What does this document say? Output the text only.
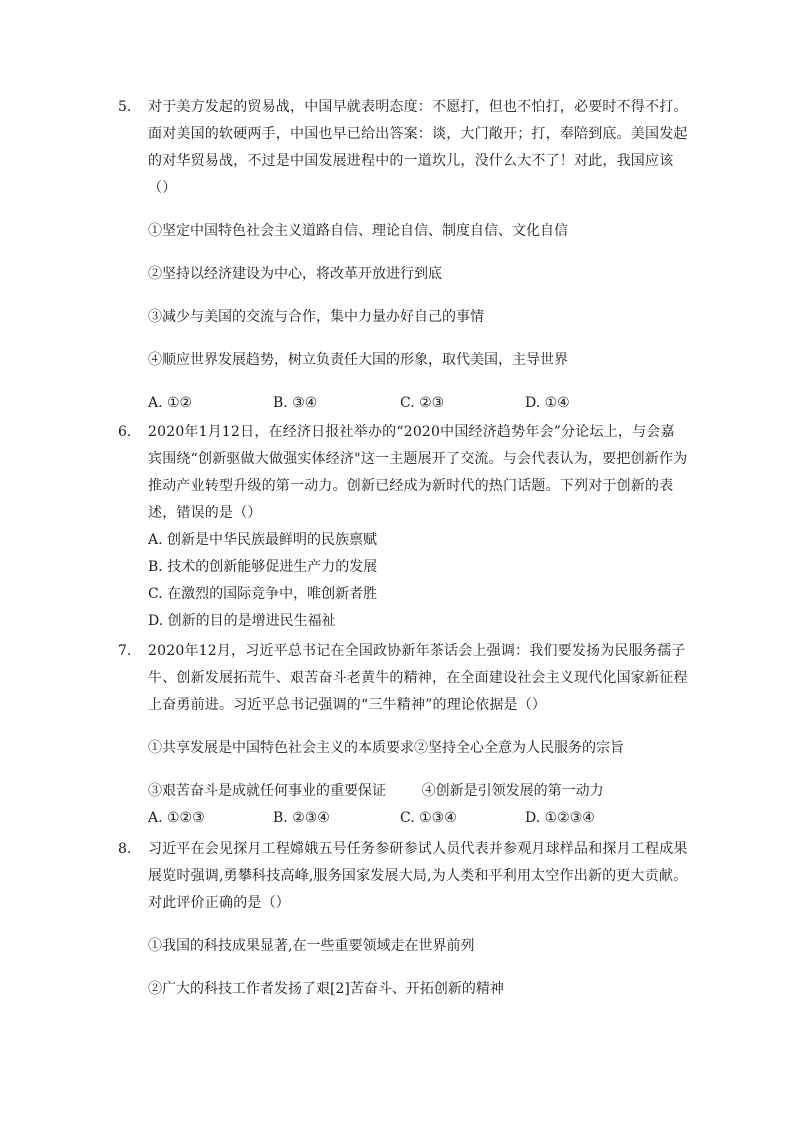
5. 对于美方发起的贸易战，中国早就表明态度：不愿打，但也不怕打，必要时不得不打。面对美国的软硬两手，中国也早已给出答案：谈，大门敞开；打，奉陪到底。美国发起的对华贸易战，不过是中国发展进程中的一道坎儿，没什么大不了！对此，我国应该（）
①坚定中国特色社会主义道路自信、理论自信、制度自信、文化自信
②坚持以经济建设为中心，将改革开放进行到底
③减少与美国的交流与合作，集中力量办好自己的事情
④顺应世界发展趋势，树立负责任大国的形象，取代美国，主导世界
A. ①②	B. ③④	C. ②③	D. ①④
6. 2020年1月12日，在经济日报社举办的“2020中国经济趋势年会”分论坛上，与会嘉宾围绕“创新驱做大做强实体经济"这一主题展开了交流。与会代表认为，要把创新作为推动产业转型升级的第一动力。创新已经成为新时代的热门话题。下列对于创新的表述，错误的是（）
A. 创新是中华民族最鲜明的民族禀赋
B. 技术的创新能够促进生产力的发展
C. 在激烈的国际竞争中，唯创新者胜
D. 创新的目的是增进民生福祉
7. 2020年12月，习近平总书记在全国政协新年茶话会上强调：我们要发扬为民服务孺子牛、创新发展拓荒牛、艰苦奋斗老黄牛的精神，在全面建设社会主义现代化国家新征程上奋勇前进。习近平总书记强调的“三牛精神”的理论依据是（）
①共享发展是中国特色社会主义的本质要求②坚持全心全意为人民服务的宗旨
③艰苦奋斗是成就任何事业的重要保证        ④创新是引领发展的第一动力
A. ①②③	B. ②③④	C. ①③④	D. ①②③④
8. 习近平在会见探月工程嫦娥五号任务参研参试人员代表并参观月球样品和探月工程成果展览时强调,勇攀科技高峰,服务国家发展大局,为人类和平利用太空作出新的更大贡献。对此评价正确的是（）
①我国的科技成果显著,在一些重要领域走在世界前列
②广大的科技工作者发扬了艰[2]苦奋斗、开拓创新的精神
